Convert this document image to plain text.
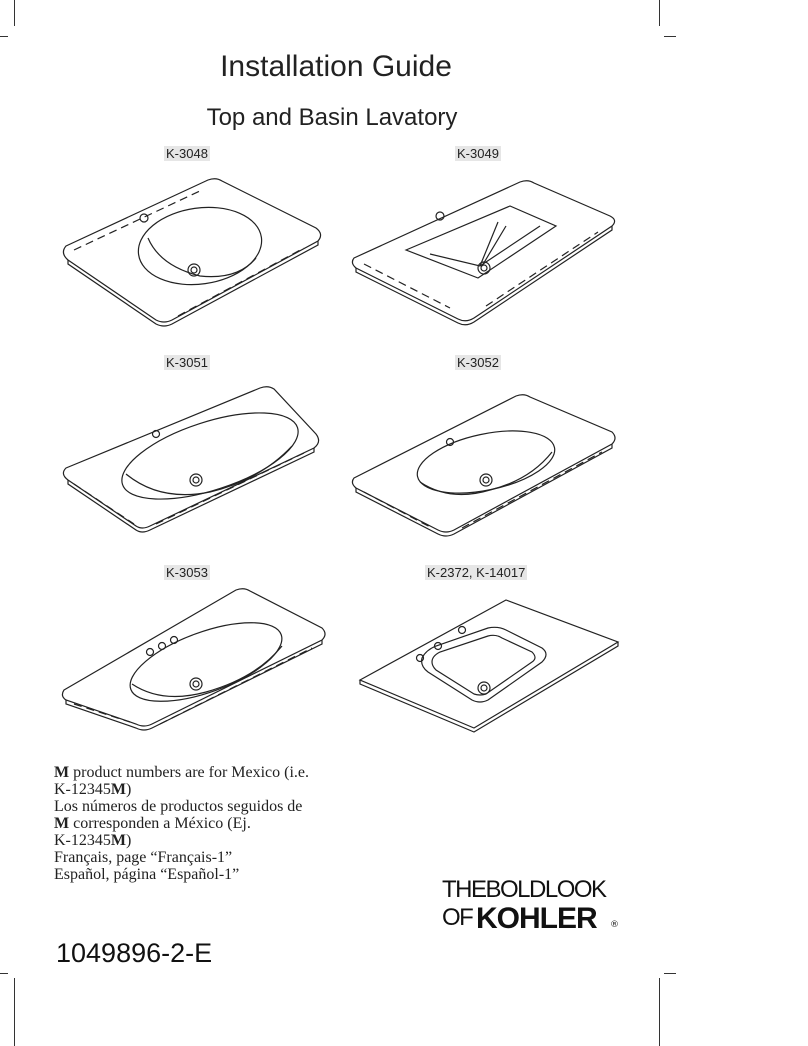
Installation Guide
Top and Basin Lavatory
K-3048	K-3049
K-3051	K-3052
K-3053	K-2372, K-14017
M product numbers are for Mexico (i.e.
K-12345M)
Los números de productos seguidos de
M corresponden a México (Ej.
K-12345M)
Français, page “Français-1”
Español, página “Español-1”
THEBOLDLOOK
OF KOHLER ®
1049896-2-E
